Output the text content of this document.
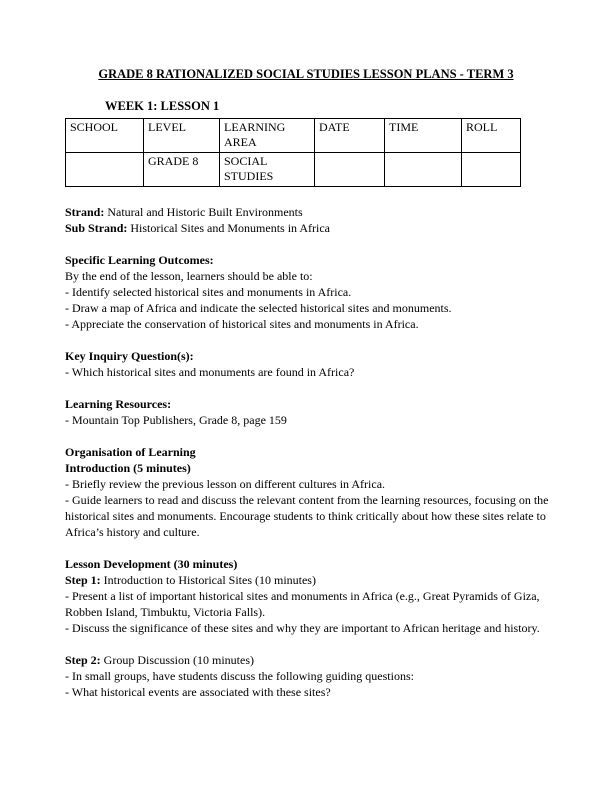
GRADE 8 RATIONALIZED SOCIAL STUDIES LESSON PLANS - TERM 3
WEEK 1: LESSON 1
SCHOOL	LEVEL	LEARNING AREA	DATE	TIME	ROLL
	GRADE 8	SOCIAL STUDIES			

Strand: Natural and Historic Built Environments

Sub Strand: Historical Sites and Monuments in Africa

Specific Learning Outcomes:

By the end of the lesson, learners should be able to:

- Identify selected historical sites and monuments in Africa.

- Draw a map of Africa and indicate the selected historical sites and monuments.

- Appreciate the conservation of historical sites and monuments in Africa.

Key Inquiry Question(s):

- Which historical sites and monuments are found in Africa?

Learning Resources:

- Mountain Top Publishers, Grade 8, page 159

Organisation of Learning

Introduction (5 minutes)

- Briefly review the previous lesson on different cultures in Africa.

- Guide learners to read and discuss the relevant content from the learning resources, focusing on the historical sites and monuments. Encourage students to think critically about how these sites relate to Africa’s history and culture.

Lesson Development (30 minutes)

Step 1: Introduction to Historical Sites (10 minutes)

- Present a list of important historical sites and monuments in Africa (e.g., Great Pyramids of Giza, Robben Island, Timbuktu, Victoria Falls).

- Discuss the significance of these sites and why they are important to African heritage and history.

Step 2: Group Discussion (10 minutes)

- In small groups, have students discuss the following guiding questions:

- What historical events are associated with these sites?
